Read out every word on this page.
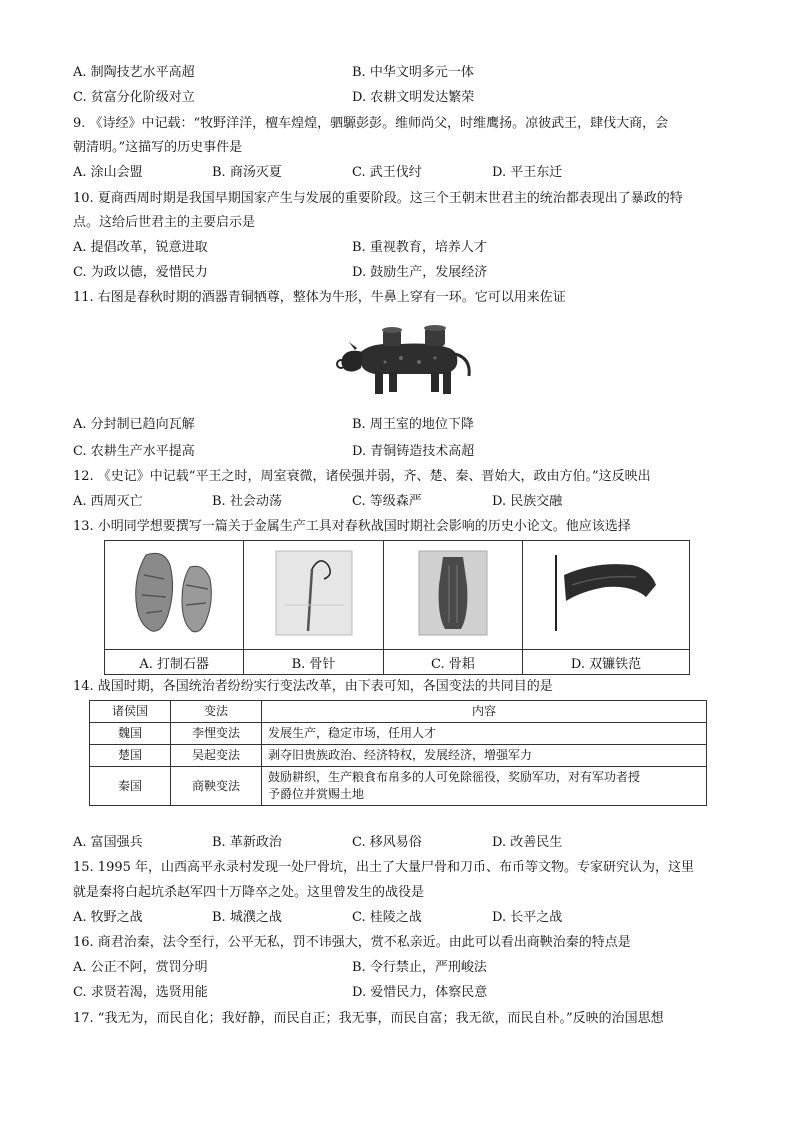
A. 制陶技艺水平高超	B. 中华文明多元一体
C. 贫富分化阶级对立	D. 农耕文明发达繁荣
9. 《诗经》中记载：“牧野洋洋，檀车煌煌，驷騵彭彭。维师尚父，时维鹰扬。凉彼武王，肆伐大商，会
朝清明。”这描写的历史事件是
A. 涂山会盟	B. 商汤灭夏	C. 武王伐纣	D. 平王东迁
10. 夏商西周时期是我国早期国家产生与发展的重要阶段。这三个王朝末世君主的统治都表现出了暴政的特
点。这给后世君主的主要启示是
A. 提倡改革，锐意进取	B. 重视教育，培养人才
C. 为政以德，爱惜民力	D. 鼓励生产，发展经济
11. 右图是春秋时期的酒器青铜牺尊，整体为牛形，牛鼻上穿有一环。它可以用来佐证
A. 分封制已趋向瓦解	B. 周王室的地位下降
C. 农耕生产水平提高	D. 青铜铸造技术高超
12. 《史记》中记载“平王之时，周室衰微，诸侯强并弱，齐、楚、秦、晋始大，政由方伯。”这反映出
A. 西周灭亡	B. 社会动荡	C. 等级森严	D. 民族交融
13. 小明同学想要撰写一篇关于金属生产工具对春秋战国时期社会影响的历史小论文。他应该选择

A. 打制石器	B. 骨针	C. 骨耜	D. 双镰铁范
14. 战国时期，各国统治者纷纷实行变法改革，由下表可知，各国变法的共同目的是
诸侯国	变法	内容
魏国	李悝变法	发展生产，稳定市场，任用人才
楚国	吴起变法	剥夺旧贵族政治、经济特权，发展经济，增强军力
秦国	商鞅变法	鼓励耕织，生产粮食布帛多的人可免除徭役，奖励军功，对有军功者授
予爵位并赏赐土地
A. 富国强兵	B. 革新政治	C. 移风易俗	D. 改善民生
15. 1995 年，山西高平永录村发现一处尸骨坑，出土了大量尸骨和刀币、布币等文物。专家研究认为，这里
就是秦将白起坑杀赵军四十万降卒之处。这里曾发生的战役是
A. 牧野之战	B. 城濮之战	C. 桂陵之战	D. 长平之战
16. 商君治秦，法令至行，公平无私，罚不讳强大，赏不私亲近。由此可以看出商鞅治秦的特点是
A. 公正不阿，赏罚分明	B. 令行禁止，严刑峻法
C. 求贤若渴，选贤用能	D. 爱惜民力，体察民意
17. “我无为，而民自化；我好静，而民自正；我无事，而民自富；我无欲，而民自朴。”反映的治国思想
